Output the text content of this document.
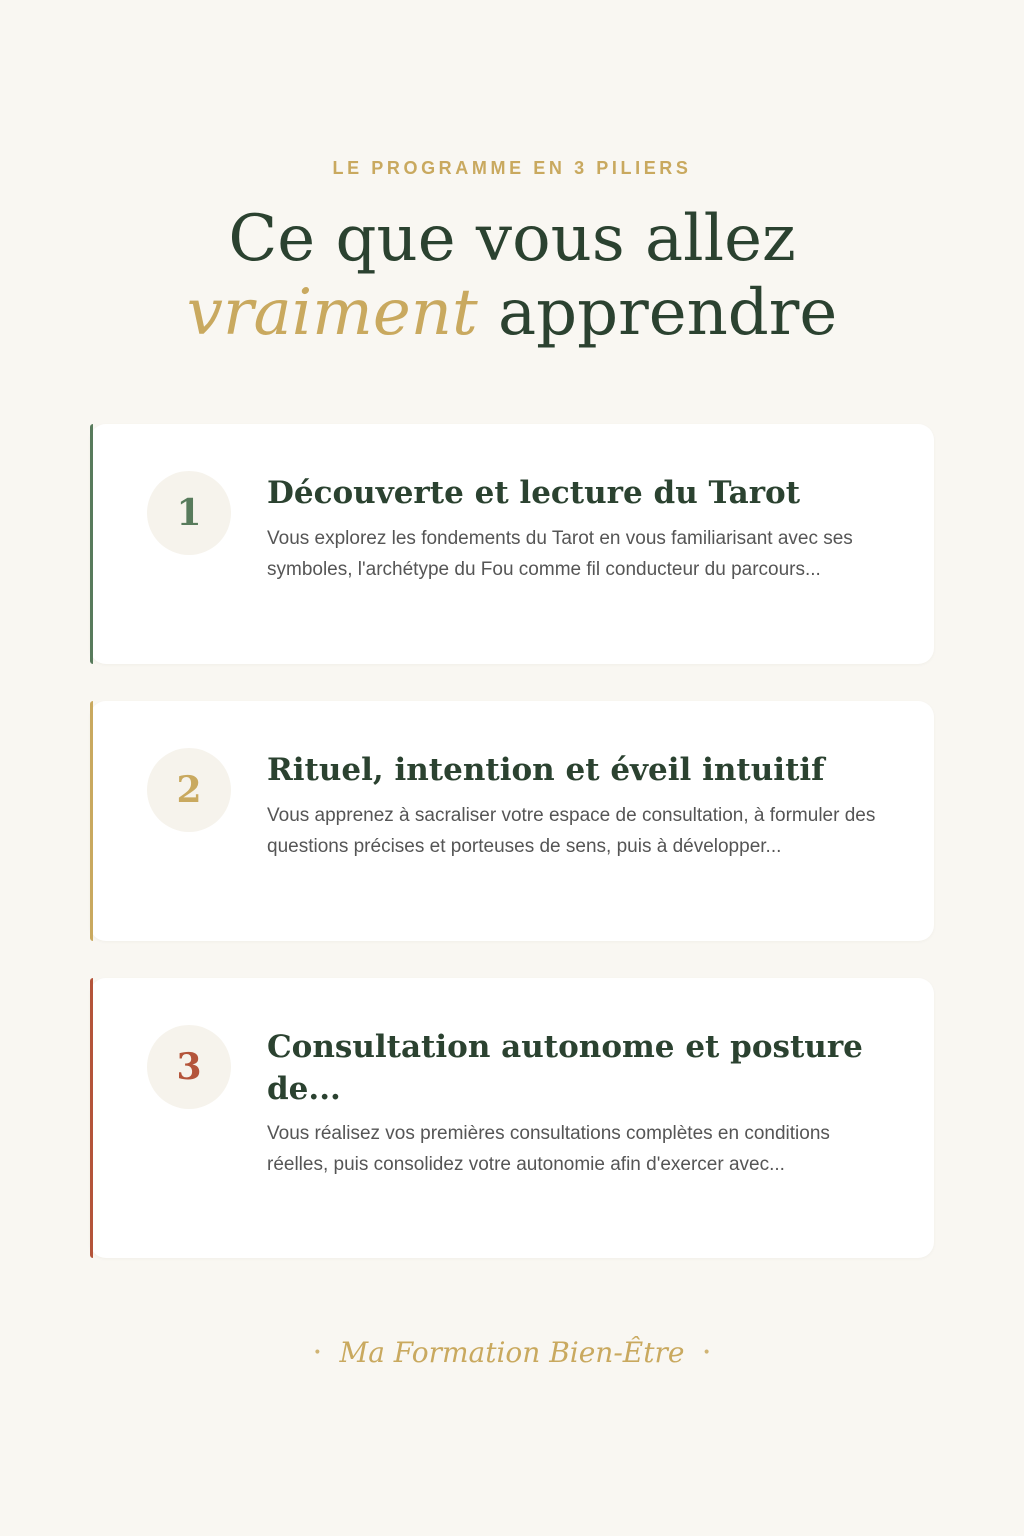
LE PROGRAMME EN 3 PILIERS
Ce que vous allez
vraiment apprendre
1	Découverte et lecture du Tarot

Vous explorez les fondements du Tarot en vous familiarisant avec ses symboles, l'archétype du Fou comme fil conducteur du parcours...

2	Rituel, intention et éveil intuitif

Vous apprenez à sacraliser votre espace de consultation, à formuler des questions précises et porteuses de sens, puis à développer...

3	Consultation autonome et posture de...

Vous réalisez vos premières consultations complètes en conditions réelles, puis consolidez votre autonomie afin d'exercer avec...

• Ma Formation Bien-Être •
